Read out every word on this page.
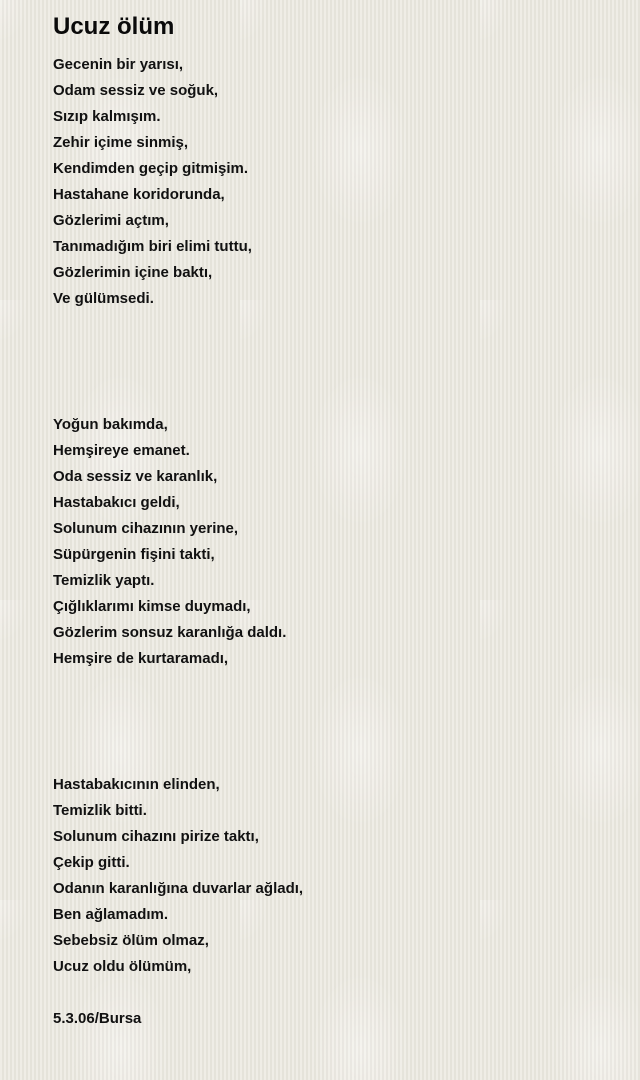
Ucuz ölüm
Gecenin bir yarısı,
Odam sessiz ve soğuk,
Sızıp kalmışım.
Zehir içime sinmiş,
Kendimden geçip gitmişim.
Hastahane koridorunda,
Gözlerimi açtım,
Tanımadığım biri elimi tuttu,
Gözlerimin içine baktı,
Ve gülümsedi.
Yoğun bakımda,
Hemşireye emanet.
Oda sessiz ve karanlık,
Hastabakıcı geldi,
Solunum cihazının yerine,
Süpürgenin fişini takti,
Temizlik yaptı.
Çığlıklarımı kimse duymadı,
Gözlerim sonsuz karanlığa daldı.
Hemşire de kurtaramadı,
Hastabakıcının elinden,
Temizlik bitti.
Solunum cihazını pirize taktı,
Çekip gitti.
Odanın karanlığına duvarlar ağladı,
Ben ağlamadım.
Sebebsiz ölüm olmaz,
Ucuz oldu ölümüm,
5.3.06/Bursa
